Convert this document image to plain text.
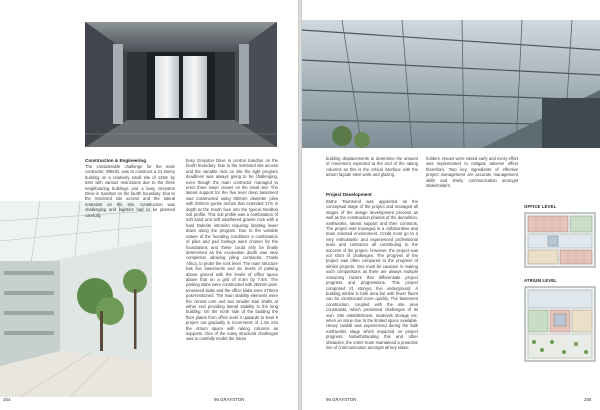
Construction & Engineering
The considerable challenge for the main contractor, WBHO, was to construct a 21 storey building on a relatively small site of 145m by 63m with various restrictions due to the three neighbouring buildings and a busy Greyston Drive in Sandton on the fourth boundary. Due to the restricted site access and the lateral restraints on the site, construction was challenging and logistics had to be planned carefully.
busy Greyston Drive in central Sandton on the fourth boundary. Due to the restricted site access and the variable rock on site the tight program deadlines was always going to be challenging, even though the main contractor managed to erect three tower cranes on the small site. The lateral support for the five level deep basement was constructed using 600mm diameter piles with 200mm gunite arches that extended 17m in depth at the South face into the typical Sandton soil profile. This soil profile was a combination of soft sand and soft weathered granite rock with a hard Dolerite intrusion requiring blasting lower down along the program. Due to the variable nature of the founding conditions a combination of piles and pad footings were chosen for the foundations and these could only be finally determined as the excavation depth was near completion allowing piling contractor, Franki Africa, to probe the rock level. The main structure has five basements and six levels of parking above ground with the levels of office space above that on a grid of 8.4m by 7.6m. The parking slabs were constructed with 250mm post-tensioned slabs and the office slabs were 270mm post-tensioned. The main stability elements were the central core and two smaller stair shafts at either end providing lateral stability to the long building. On the north side of the building the floor plates from office level 3 upwards to level 9 project out gradually in increments of 1.4m into the Atrium space with raking columns as supports. One of the many structural challenges was to carefully model the future
254	96 GRAYSTON
building displacements to determine the amount of movement expected at the end of the raking columns as this is the critical interface with the atrium façade steel work and glazing.
Project Development
Bothe Townsend was appointed as the conceptual stage of the project and managed all stages of the design development process as well as the construction phases of the demolition, earthworks, lateral support and then contracts. The project was managed in a collaborative and team oriented environment. Credit must go to a very enthusiastic and experienced professional team and contractor all contributing to the success of the project. However, the project was not short of challenges. The progress of the project was often compared to the progress of similar projects. One must be cautious in making such comparisons as there are always multiple remaining factors that differentiate project progress and progressions. This project comprised 21 storeys, five underground. A building similar in bulk area but with fewer floors can be constructed more quickly. The basement construction, coupled with the site area constraints, which presented challenges of its own. Site establishment, materials storage etc, when an issue due to the limited space available. Heavy rainfall was experienced during the bulk earthworks stage which impacted on project progress. Notwithstanding this and other obstacles, the entire team maintained a proactive line of communication amongst all key stake-
holders. Issues were raised early and every effort was implemented to mitigate adverse effect therefrom. Two key ingredients of effective project management are accurate management skills and timely communication amongst stakeholders.
OFFICE LEVEL
ATRIUM LEVEL
96 GRAYSTON	255
